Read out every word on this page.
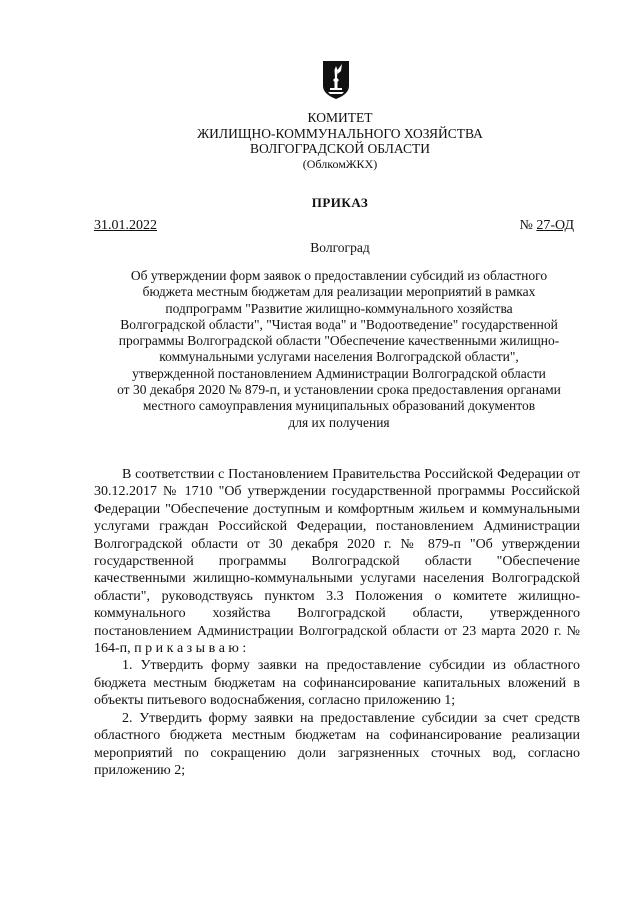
КОМИТЕТ
ЖИЛИЩНО-КОММУНАЛЬНОГО ХОЗЯЙСТВА
ВОЛГОГРАДСКОЙ ОБЛАСТИ
(ОблкомЖКХ)
ПРИКАЗ
31.01.2022	№ 27-ОД
Волгоград
Об утверждении форм заявок о предоставлении субсидий из областного
бюджета местным бюджетам для реализации мероприятий в рамках
подпрограмм "Развитие жилищно-коммунального хозяйства
Волгоградской области", "Чистая вода" и "Водоотведение" государственной
программы Волгоградской области "Обеспечение качественными жилищно-
коммунальными услугами населения Волгоградской области",
утвержденной постановлением Администрации Волгоградской области
от 30 декабря 2020 № 879-п, и установлении срока предоставления органами
местного самоуправления муниципальных образований документов
для их получения

В соответствии с Постановлением Правительства Российской Федерации от 30.12.2017 № 1710 "Об утверждении государственной программы Российской Федерации "Обеспечение доступным и комфортным жильем и коммунальными услугами граждан Российской Федерации, постановлением Администрации Волгоградской области от 30 декабря 2020 г. № 879-п "Об утверждении государственной программы Волгоградской области "Обеспечение качественными жилищно-коммунальными услугами населения Волгоградской области", руководствуясь пунктом 3.3 Положения о комитете жилищно-коммунального хозяйства Волгоградской области, утвержденного постановлением Администрации Волгоградской области от 23 марта 2020 г. № 164-п, п р и к а з ы в а ю :

1. Утвердить форму заявки на предоставление субсидии из областного бюджета местным бюджетам на софинансирование капитальных вложений в объекты питьевого водоснабжения, согласно приложению 1;

2. Утвердить форму заявки на предоставление субсидии за счет средств областного бюджета местным бюджетам на софинансирование реализации мероприятий по сокращению доли загрязненных сточных вод, согласно приложению 2;
